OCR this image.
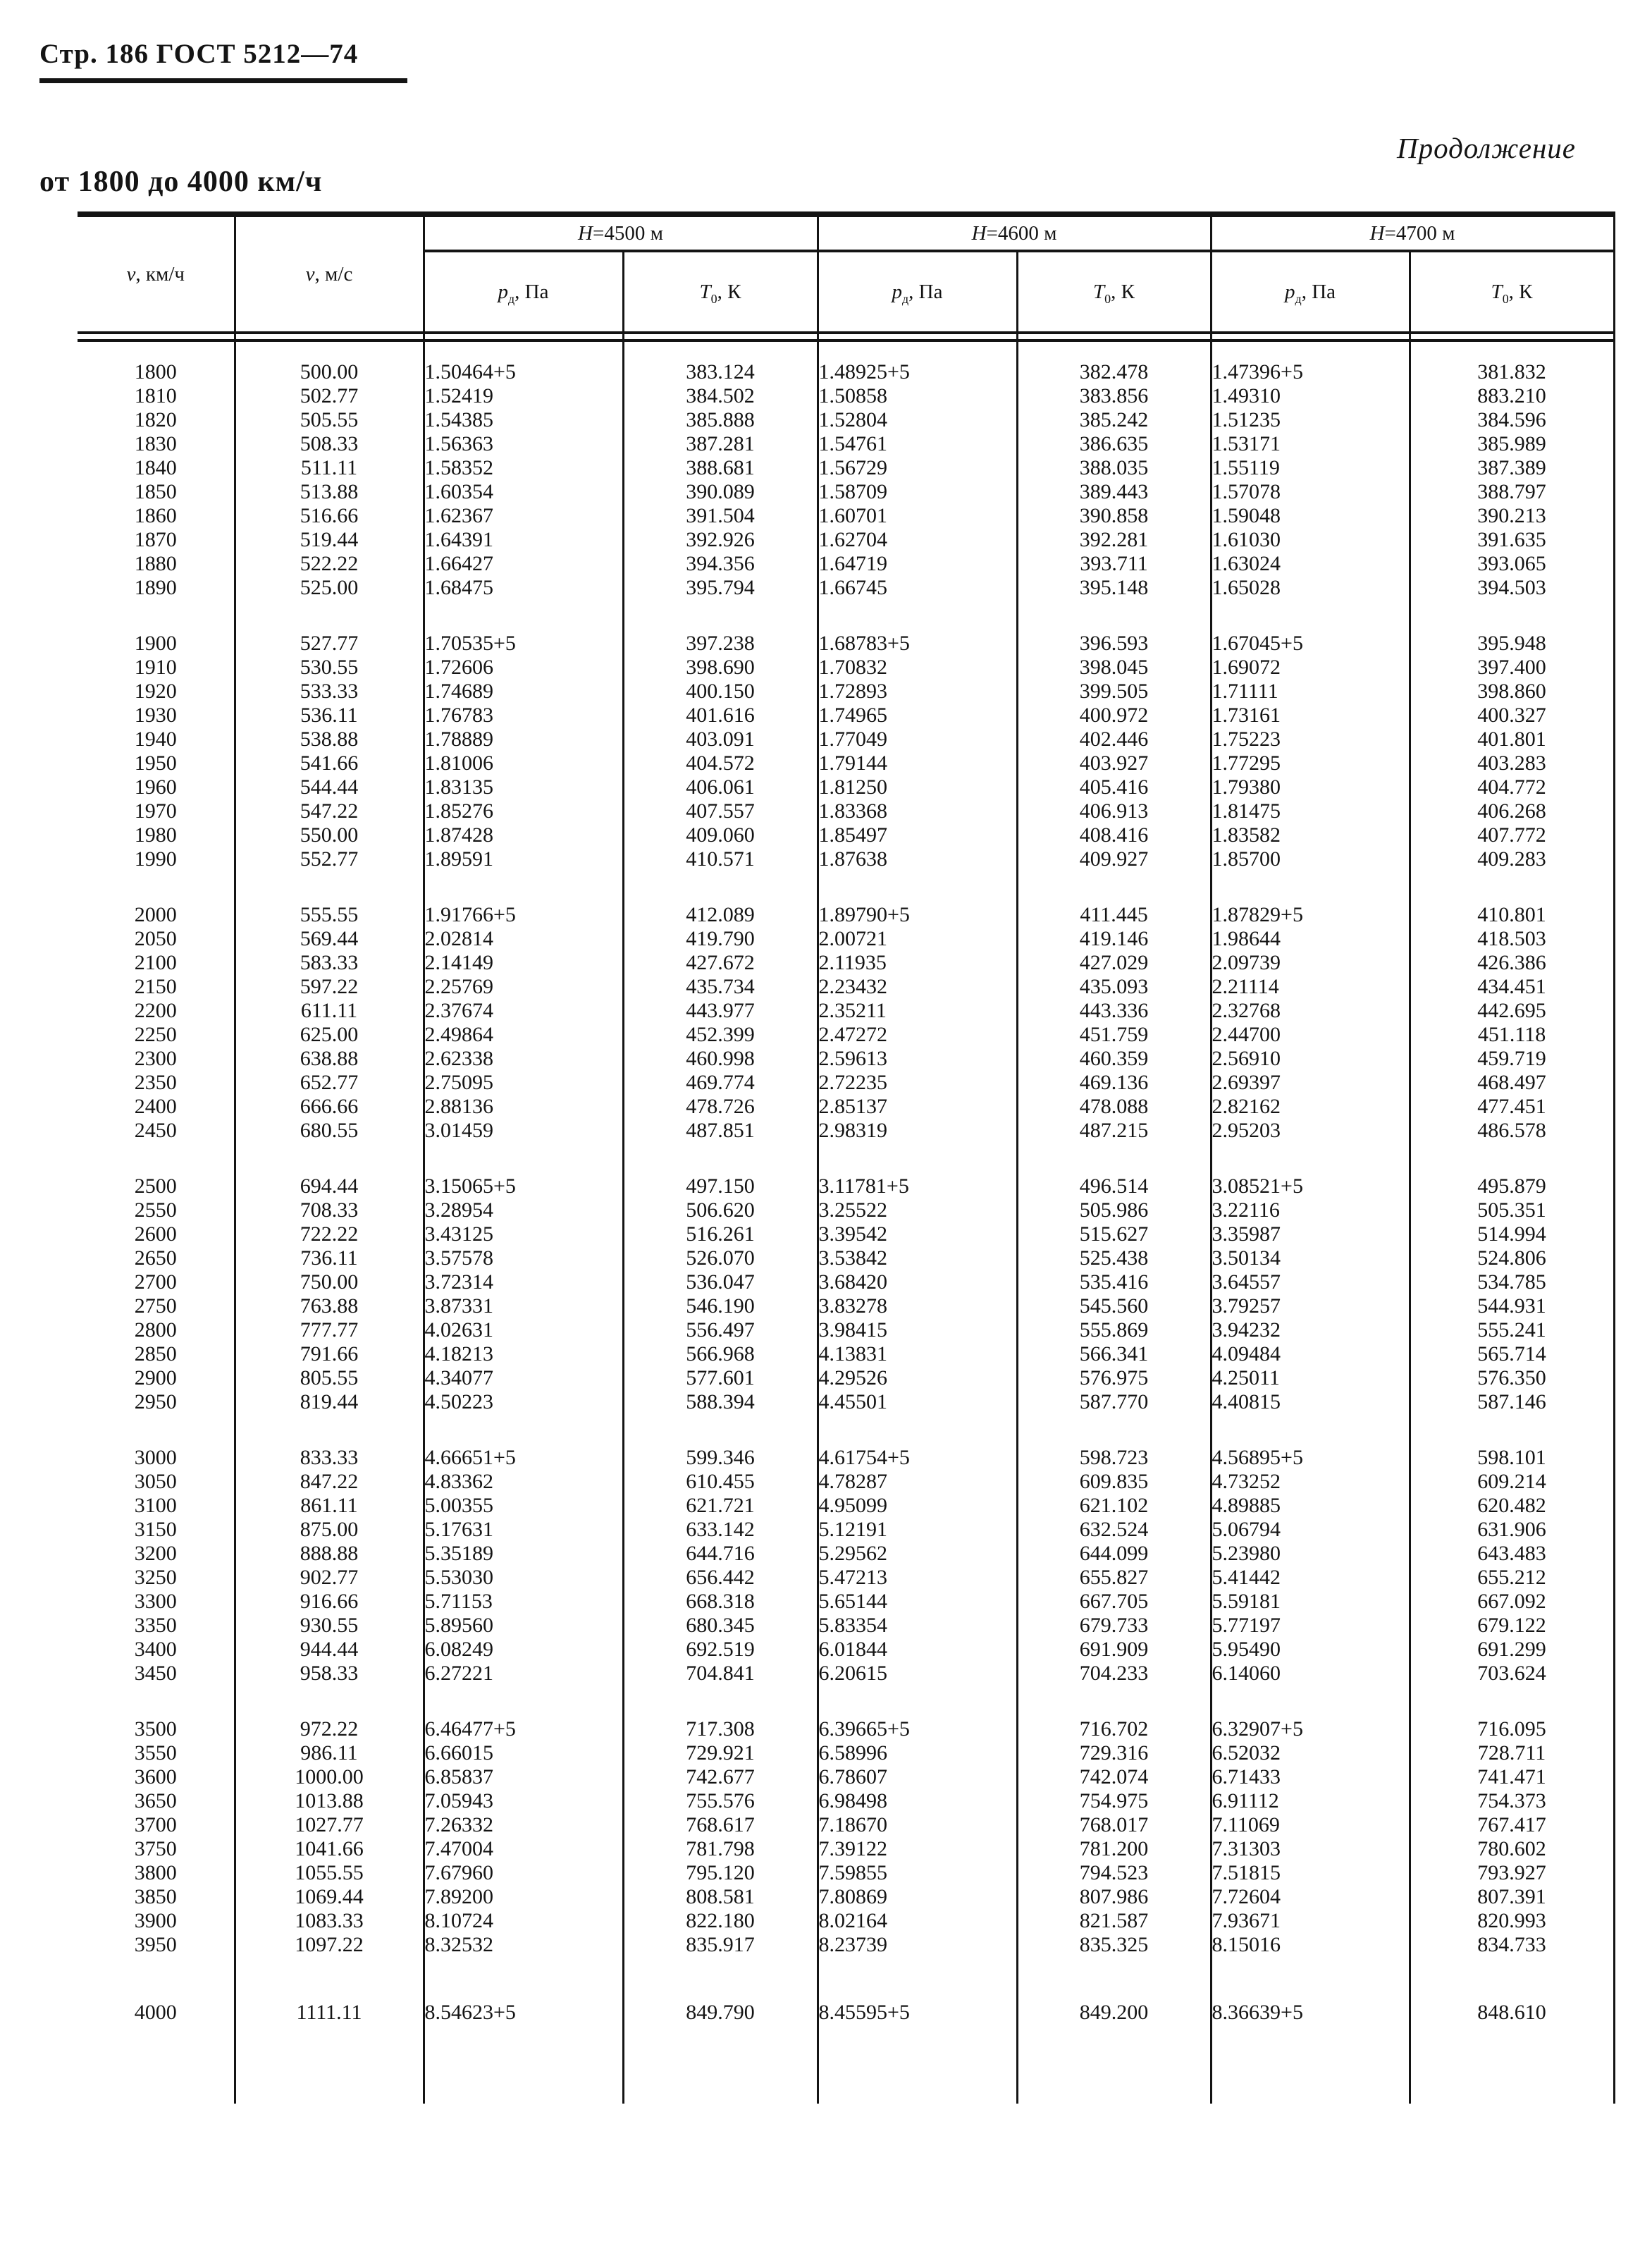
Стр. 186 ГОСТ 5212—74
Продолжение
от 1800 до 4000 км/ч
v, км/ч	v, м/с	H=4500 м		H=4600 м		H=4700 м	
		$p_д$, Па	$T_0$, К	$p_д$, Па	$T_0$, К	$p_д$, Па	$T_0$, К

1800	500.00	1.50464+5	383.124	1.48925+5	382.478	1.47396+5	381.832
1810	502.77	1.52419	384.502	1.50858	383.856	1.49310	883.210
1820	505.55	1.54385	385.888	1.52804	385.242	1.51235	384.596
1830	508.33	1.56363	387.281	1.54761	386.635	1.53171	385.989
1840	511.11	1.58352	388.681	1.56729	388.035	1.55119	387.389
1850	513.88	1.60354	390.089	1.58709	389.443	1.57078	388.797
1860	516.66	1.62367	391.504	1.60701	390.858	1.59048	390.213
1870	519.44	1.64391	392.926	1.62704	392.281	1.61030	391.635
1880	522.22	1.66427	394.356	1.64719	393.711	1.63024	393.065
1890	525.00	1.68475	395.794	1.66745	395.148	1.65028	394.503

1900	527.77	1.70535+5	397.238	1.68783+5	396.593	1.67045+5	395.948
1910	530.55	1.72606	398.690	1.70832	398.045	1.69072	397.400
1920	533.33	1.74689	400.150	1.72893	399.505	1.71111	398.860
1930	536.11	1.76783	401.616	1.74965	400.972	1.73161	400.327
1940	538.88	1.78889	403.091	1.77049	402.446	1.75223	401.801
1950	541.66	1.81006	404.572	1.79144	403.927	1.77295	403.283
1960	544.44	1.83135	406.061	1.81250	405.416	1.79380	404.772
1970	547.22	1.85276	407.557	1.83368	406.913	1.81475	406.268
1980	550.00	1.87428	409.060	1.85497	408.416	1.83582	407.772
1990	552.77	1.89591	410.571	1.87638	409.927	1.85700	409.283

2000	555.55	1.91766+5	412.089	1.89790+5	411.445	1.87829+5	410.801
2050	569.44	2.02814	419.790	2.00721	419.146	1.98644	418.503
2100	583.33	2.14149	427.672	2.11935	427.029	2.09739	426.386
2150	597.22	2.25769	435.734	2.23432	435.093	2.21114	434.451
2200	611.11	2.37674	443.977	2.35211	443.336	2.32768	442.695
2250	625.00	2.49864	452.399	2.47272	451.759	2.44700	451.118
2300	638.88	2.62338	460.998	2.59613	460.359	2.56910	459.719
2350	652.77	2.75095	469.774	2.72235	469.136	2.69397	468.497
2400	666.66	2.88136	478.726	2.85137	478.088	2.82162	477.451
2450	680.55	3.01459	487.851	2.98319	487.215	2.95203	486.578

2500	694.44	3.15065+5	497.150	3.11781+5	496.514	3.08521+5	495.879
2550	708.33	3.28954	506.620	3.25522	505.986	3.22116	505.351
2600	722.22	3.43125	516.261	3.39542	515.627	3.35987	514.994
2650	736.11	3.57578	526.070	3.53842	525.438	3.50134	524.806
2700	750.00	3.72314	536.047	3.68420	535.416	3.64557	534.785
2750	763.88	3.87331	546.190	3.83278	545.560	3.79257	544.931
2800	777.77	4.02631	556.497	3.98415	555.869	3.94232	555.241
2850	791.66	4.18213	566.968	4.13831	566.341	4.09484	565.714
2900	805.55	4.34077	577.601	4.29526	576.975	4.25011	576.350
2950	819.44	4.50223	588.394	4.45501	587.770	4.40815	587.146

3000	833.33	4.66651+5	599.346	4.61754+5	598.723	4.56895+5	598.101
3050	847.22	4.83362	610.455	4.78287	609.835	4.73252	609.214
3100	861.11	5.00355	621.721	4.95099	621.102	4.89885	620.482
3150	875.00	5.17631	633.142	5.12191	632.524	5.06794	631.906
3200	888.88	5.35189	644.716	5.29562	644.099	5.23980	643.483
3250	902.77	5.53030	656.442	5.47213	655.827	5.41442	655.212
3300	916.66	5.71153	668.318	5.65144	667.705	5.59181	667.092
3350	930.55	5.89560	680.345	5.83354	679.733	5.77197	679.122
3400	944.44	6.08249	692.519	6.01844	691.909	5.95490	691.299
3450	958.33	6.27221	704.841	6.20615	704.233	6.14060	703.624

3500	972.22	6.46477+5	717.308	6.39665+5	716.702	6.32907+5	716.095
3550	986.11	6.66015	729.921	6.58996	729.316	6.52032	728.711
3600	1000.00	6.85837	742.677	6.78607	742.074	6.71433	741.471
3650	1013.88	7.05943	755.576	6.98498	754.975	6.91112	754.373
3700	1027.77	7.26332	768.617	7.18670	768.017	7.11069	767.417
3750	1041.66	7.47004	781.798	7.39122	781.200	7.31303	780.602
3800	1055.55	7.67960	795.120	7.59855	794.523	7.51815	793.927
3850	1069.44	7.89200	808.581	7.80869	807.986	7.72604	807.391
3900	1083.33	8.10724	822.180	8.02164	821.587	7.93671	820.993
3950	1097.22	8.32532	835.917	8.23739	835.325	8.15016	834.733

4000	1111.11	8.54623+5	849.790	8.45595+5	849.200	8.36639+5	848.610
